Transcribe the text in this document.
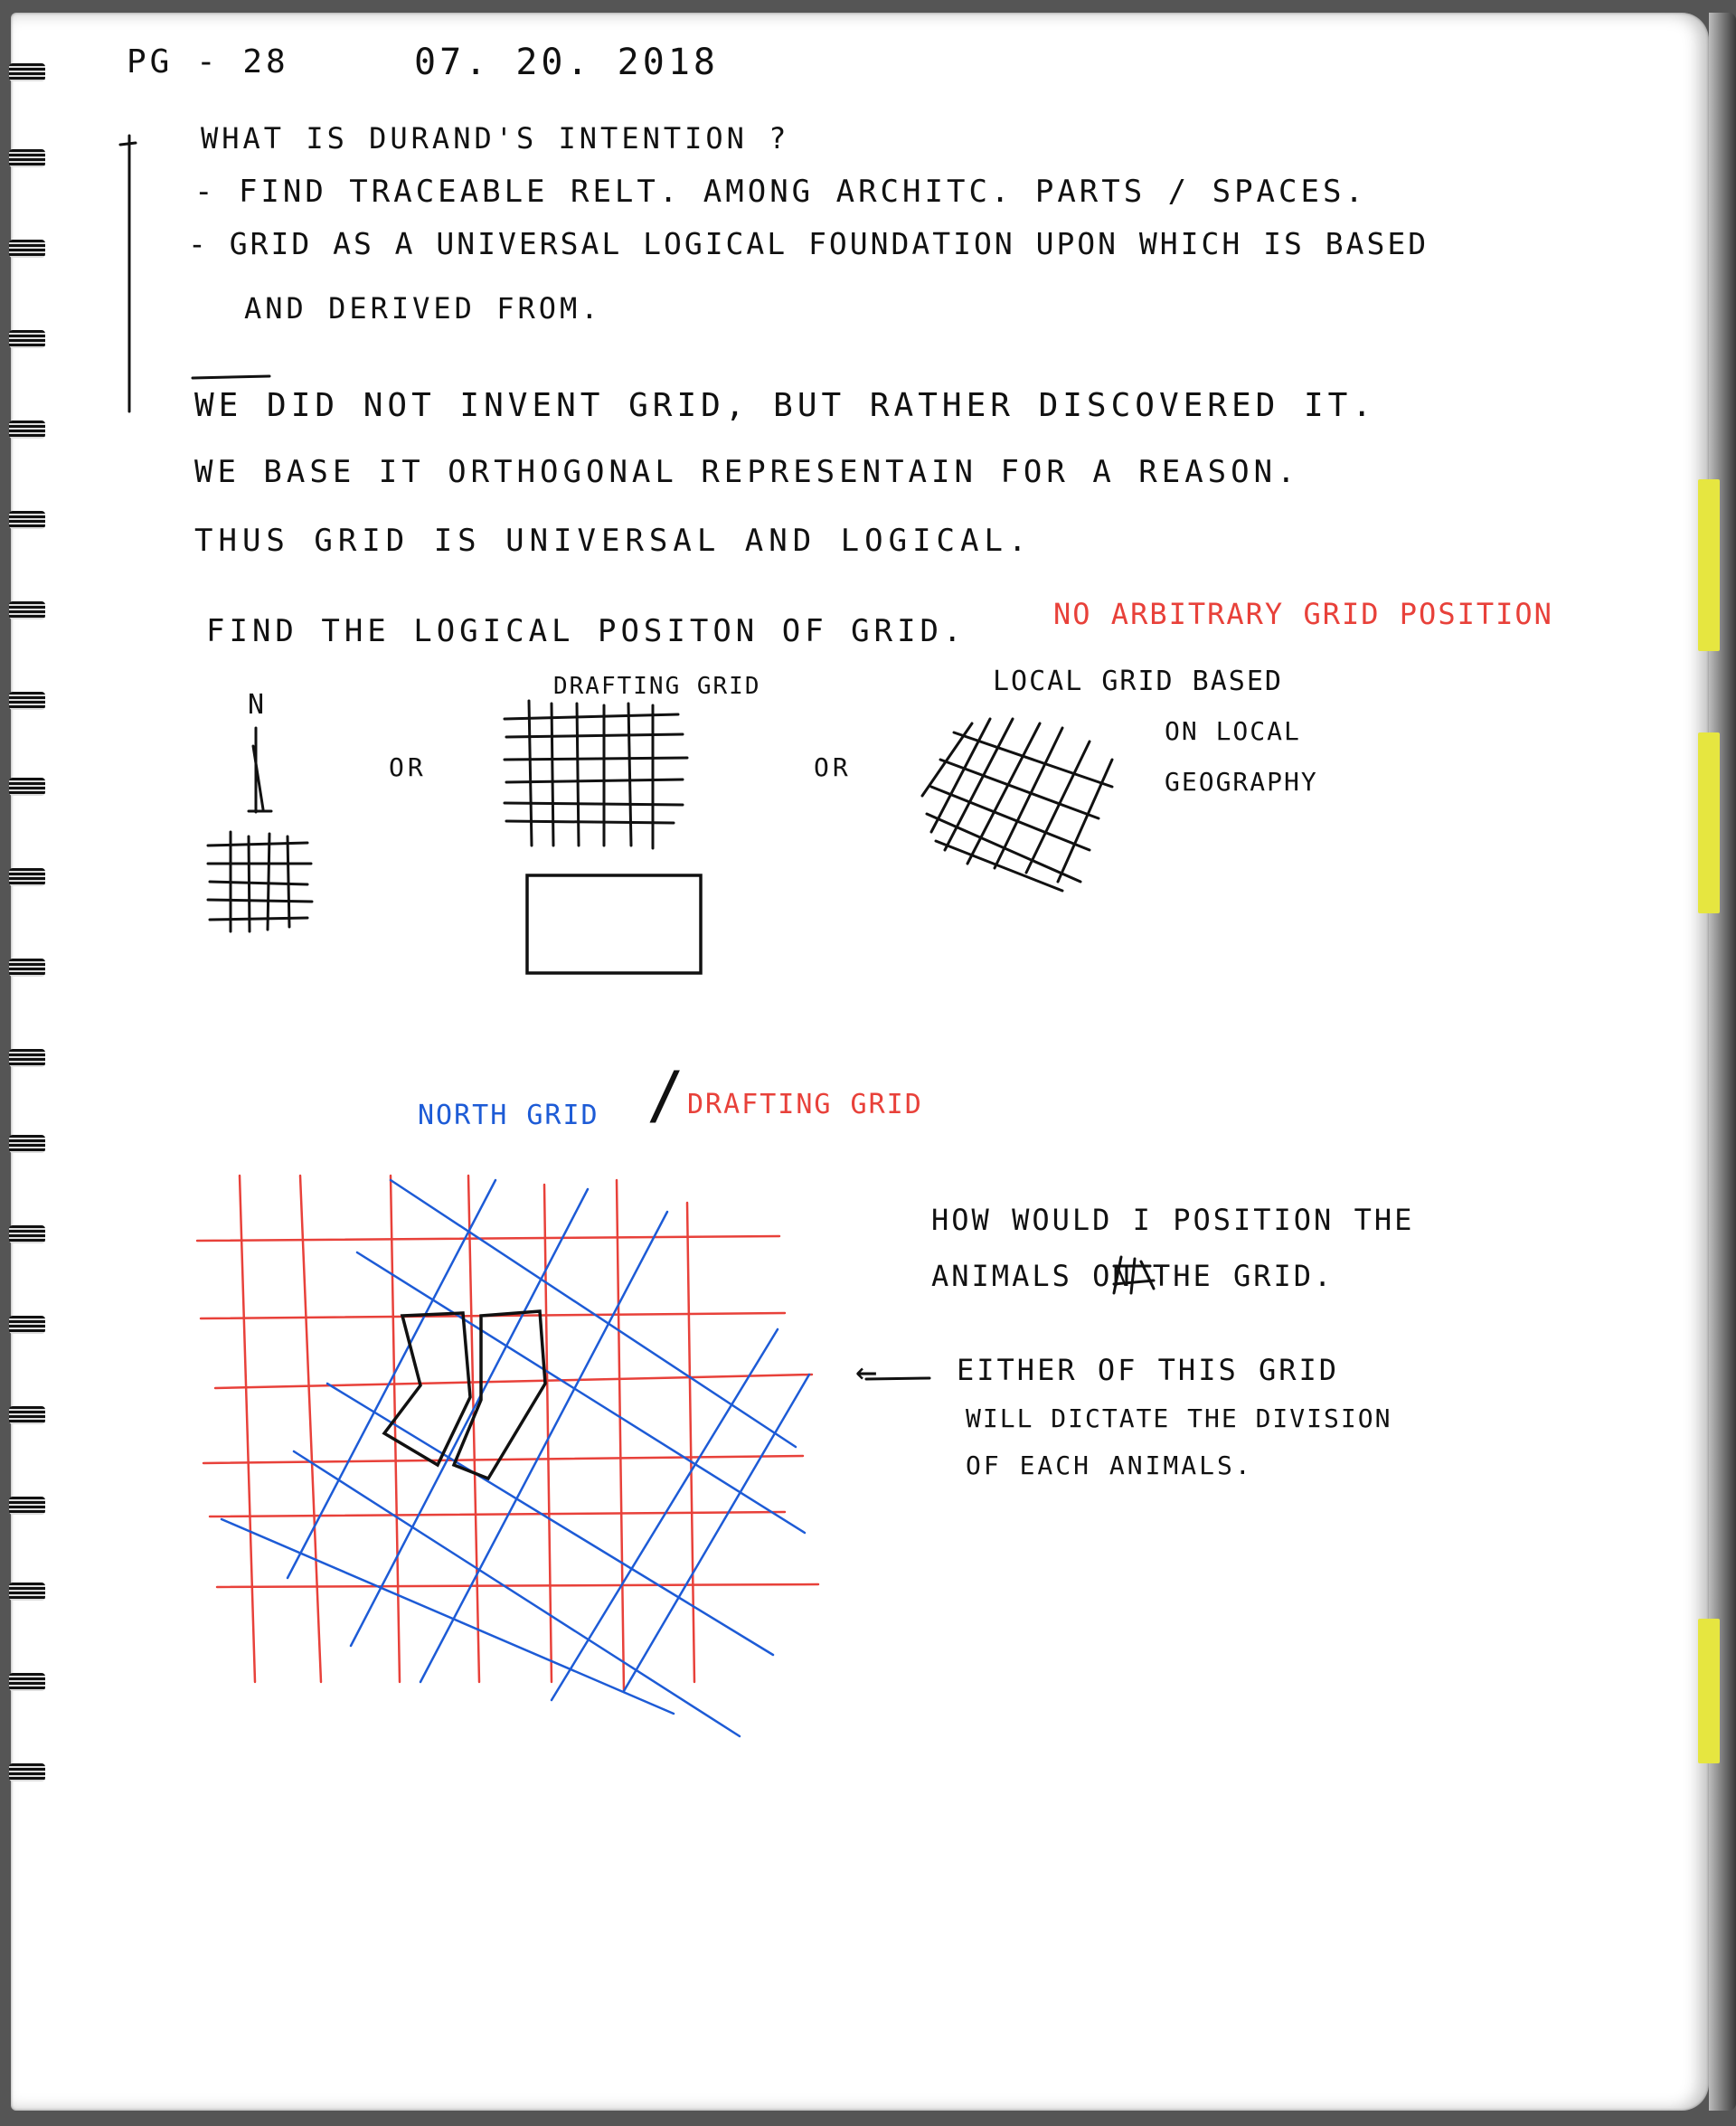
PG - 28	07. 20. 2018
WHAT IS DURAND'S INTENTION ?
- FIND TRACEABLE RELT. AMONG ARCHITC. PARTS / SPACES.
- GRID AS A UNIVERSAL LOGICAL FOUNDATION UPON WHICH IS BASED
AND DERIVED FROM.
WE DID NOT INVENT GRID, BUT RATHER DISCOVERED IT.
WE BASE IT ORTHOGONAL REPRESENTAIN FOR A REASON.
THUS GRID IS UNIVERSAL AND LOGICAL.
FIND THE LOGICAL POSITON OF GRID.	NO ARBITRARY GRID POSITION
N
OR
DRAFTING GRID
OR
LOCAL GRID BASED
ON LOCAL
GEOGRAPHY
NORTH GRID / DRAFTING GRID
HOW WOULD I POSITION THE
ANIMALS ON THE GRID.
←	EITHER OF THIS GRID
WILL DICTATE THE DIVISION
OF EACH ANIMALS.
